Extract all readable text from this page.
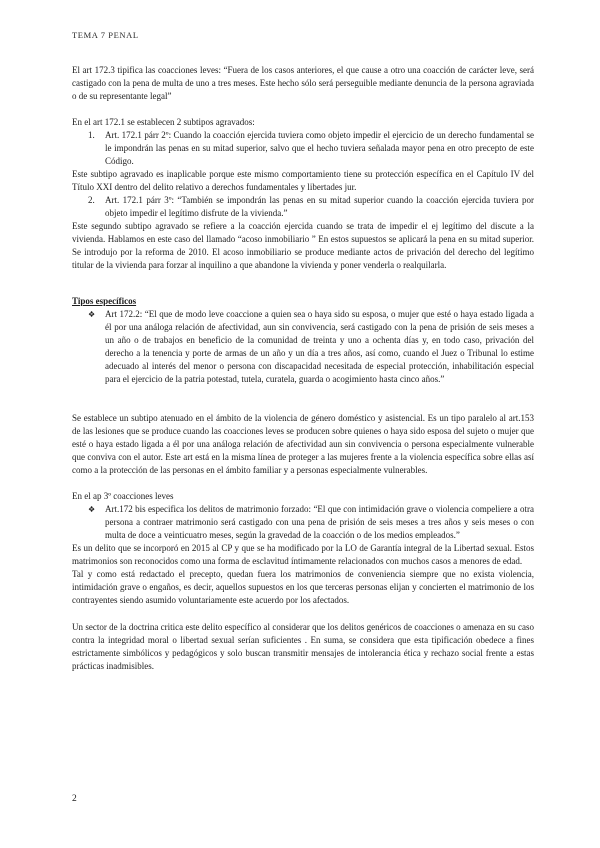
TEMA 7 PENAL

El art 172.3 tipifica las coacciones leves: “Fuera de los casos anteriores, el que cause a otro una coacción de carácter leve, será castigado con la pena de multa de uno a tres meses. Este hecho sólo será perseguible mediante denuncia de la persona agraviada o de su representante legal”

En el art 172.1 se establecen 2 subtipos agravados:

1.	Art. 172.1 párr 2º: Cuando la coacción ejercida tuviera como objeto impedir el ejercicio de un derecho fundamental se le impondrán las penas en su mitad superior, salvo que el hecho tuviera señalada mayor pena en otro precepto de este Código.

Este subtipo agravado es inaplicable porque este mismo comportamiento tiene su protección específica en el Capítulo IV del Título XXI dentro del delito relativo a derechos fundamentales y libertades jur.

2.	Art. 172.1 párr 3º: “También se impondrán las penas en su mitad superior cuando la coacción ejercida tuviera por objeto impedir el legítimo disfrute de la vivienda.”

Este segundo subtipo agravado se refiere a la coacción ejercida cuando se trata de impedir el ej legítimo del discute a la vivienda. Hablamos en este caso del llamado “acoso inmobiliario ” En estos supuestos se aplicará la pena en su mitad superior. Se introdujo por la reforma de 2010. El acoso inmobiliario se produce mediante actos de privación del derecho del legítimo titular de la vivienda para forzar al inquilino a que abandone la vivienda y poner venderla o realquilarla.

Tipos específicos
❖	Art 172.2: “El que de modo leve coaccione a quien sea o haya sido su esposa, o mujer que esté o haya estado ligada a él por una análoga relación de afectividad, aun sin convivencia, será castigado con la pena de prisión de seis meses a un año o de trabajos en beneficio de la comunidad de treinta y uno a ochenta días y, en todo caso, privación del derecho a la tenencia y porte de armas de un año y un día a tres años, así como, cuando el Juez o Tribunal lo estime adecuado al interés del menor o persona con discapacidad necesitada de especial protección, inhabilitación especial para el ejercicio de la patria potestad, tutela, curatela, guarda o acogimiento hasta cinco años.”

Se establece un subtipo atenuado en el ámbito de la violencia de género doméstico y asistencial. Es un tipo paralelo al art.153 de las lesiones que se produce cuando las coacciones leves se producen sobre quienes o haya sido esposa del sujeto o mujer que esté o haya estado ligada a él por una análoga relación de afectividad aun sin convivencia o persona especialmente vulnerable que conviva con el autor. Este art está en la misma línea de proteger a las mujeres frente a la violencia específica sobre ellas así como a la protección de las personas en el ámbito familiar y a personas especialmente vulnerables.

En el ap 3º coacciones leves
❖	Art.172 bis especifica los delitos de matrimonio forzado: “El que con intimidación grave o violencia compeliere a otra persona a contraer matrimonio será castigado con una pena de prisión de seis meses a tres años y seis meses o con multa de doce a veinticuatro meses, según la gravedad de la coacción o de los medios empleados.”

Es un delito que se incorporó en 2015 al CP y que se ha modificado por la LO de Garantía integral de la Libertad sexual. Estos matrimonios son reconocidos como una forma de esclavitud íntimamente relacionados con muchos casos a menores de edad.

Tal y como está redactado el precepto, quedan fuera los matrimonios de conveniencia siempre que no exista violencia, intimidación grave o engaños, es decir, aquellos supuestos en los que terceras personas elijan y concierten el matrimonio de los contrayentes siendo asumido voluntariamente este acuerdo por los afectados.

Un sector de la doctrina critica este delito específico al considerar que los delitos genéricos de coacciones o amenaza en su caso contra la integridad moral o libertad sexual serían suficientes . En suma, se considera que esta tipificación obedece a fines estrictamente simbólicos y pedagógicos y solo buscan transmitir mensajes de intolerancia ética y rechazo social frente a estas prácticas inadmisibles.

2
